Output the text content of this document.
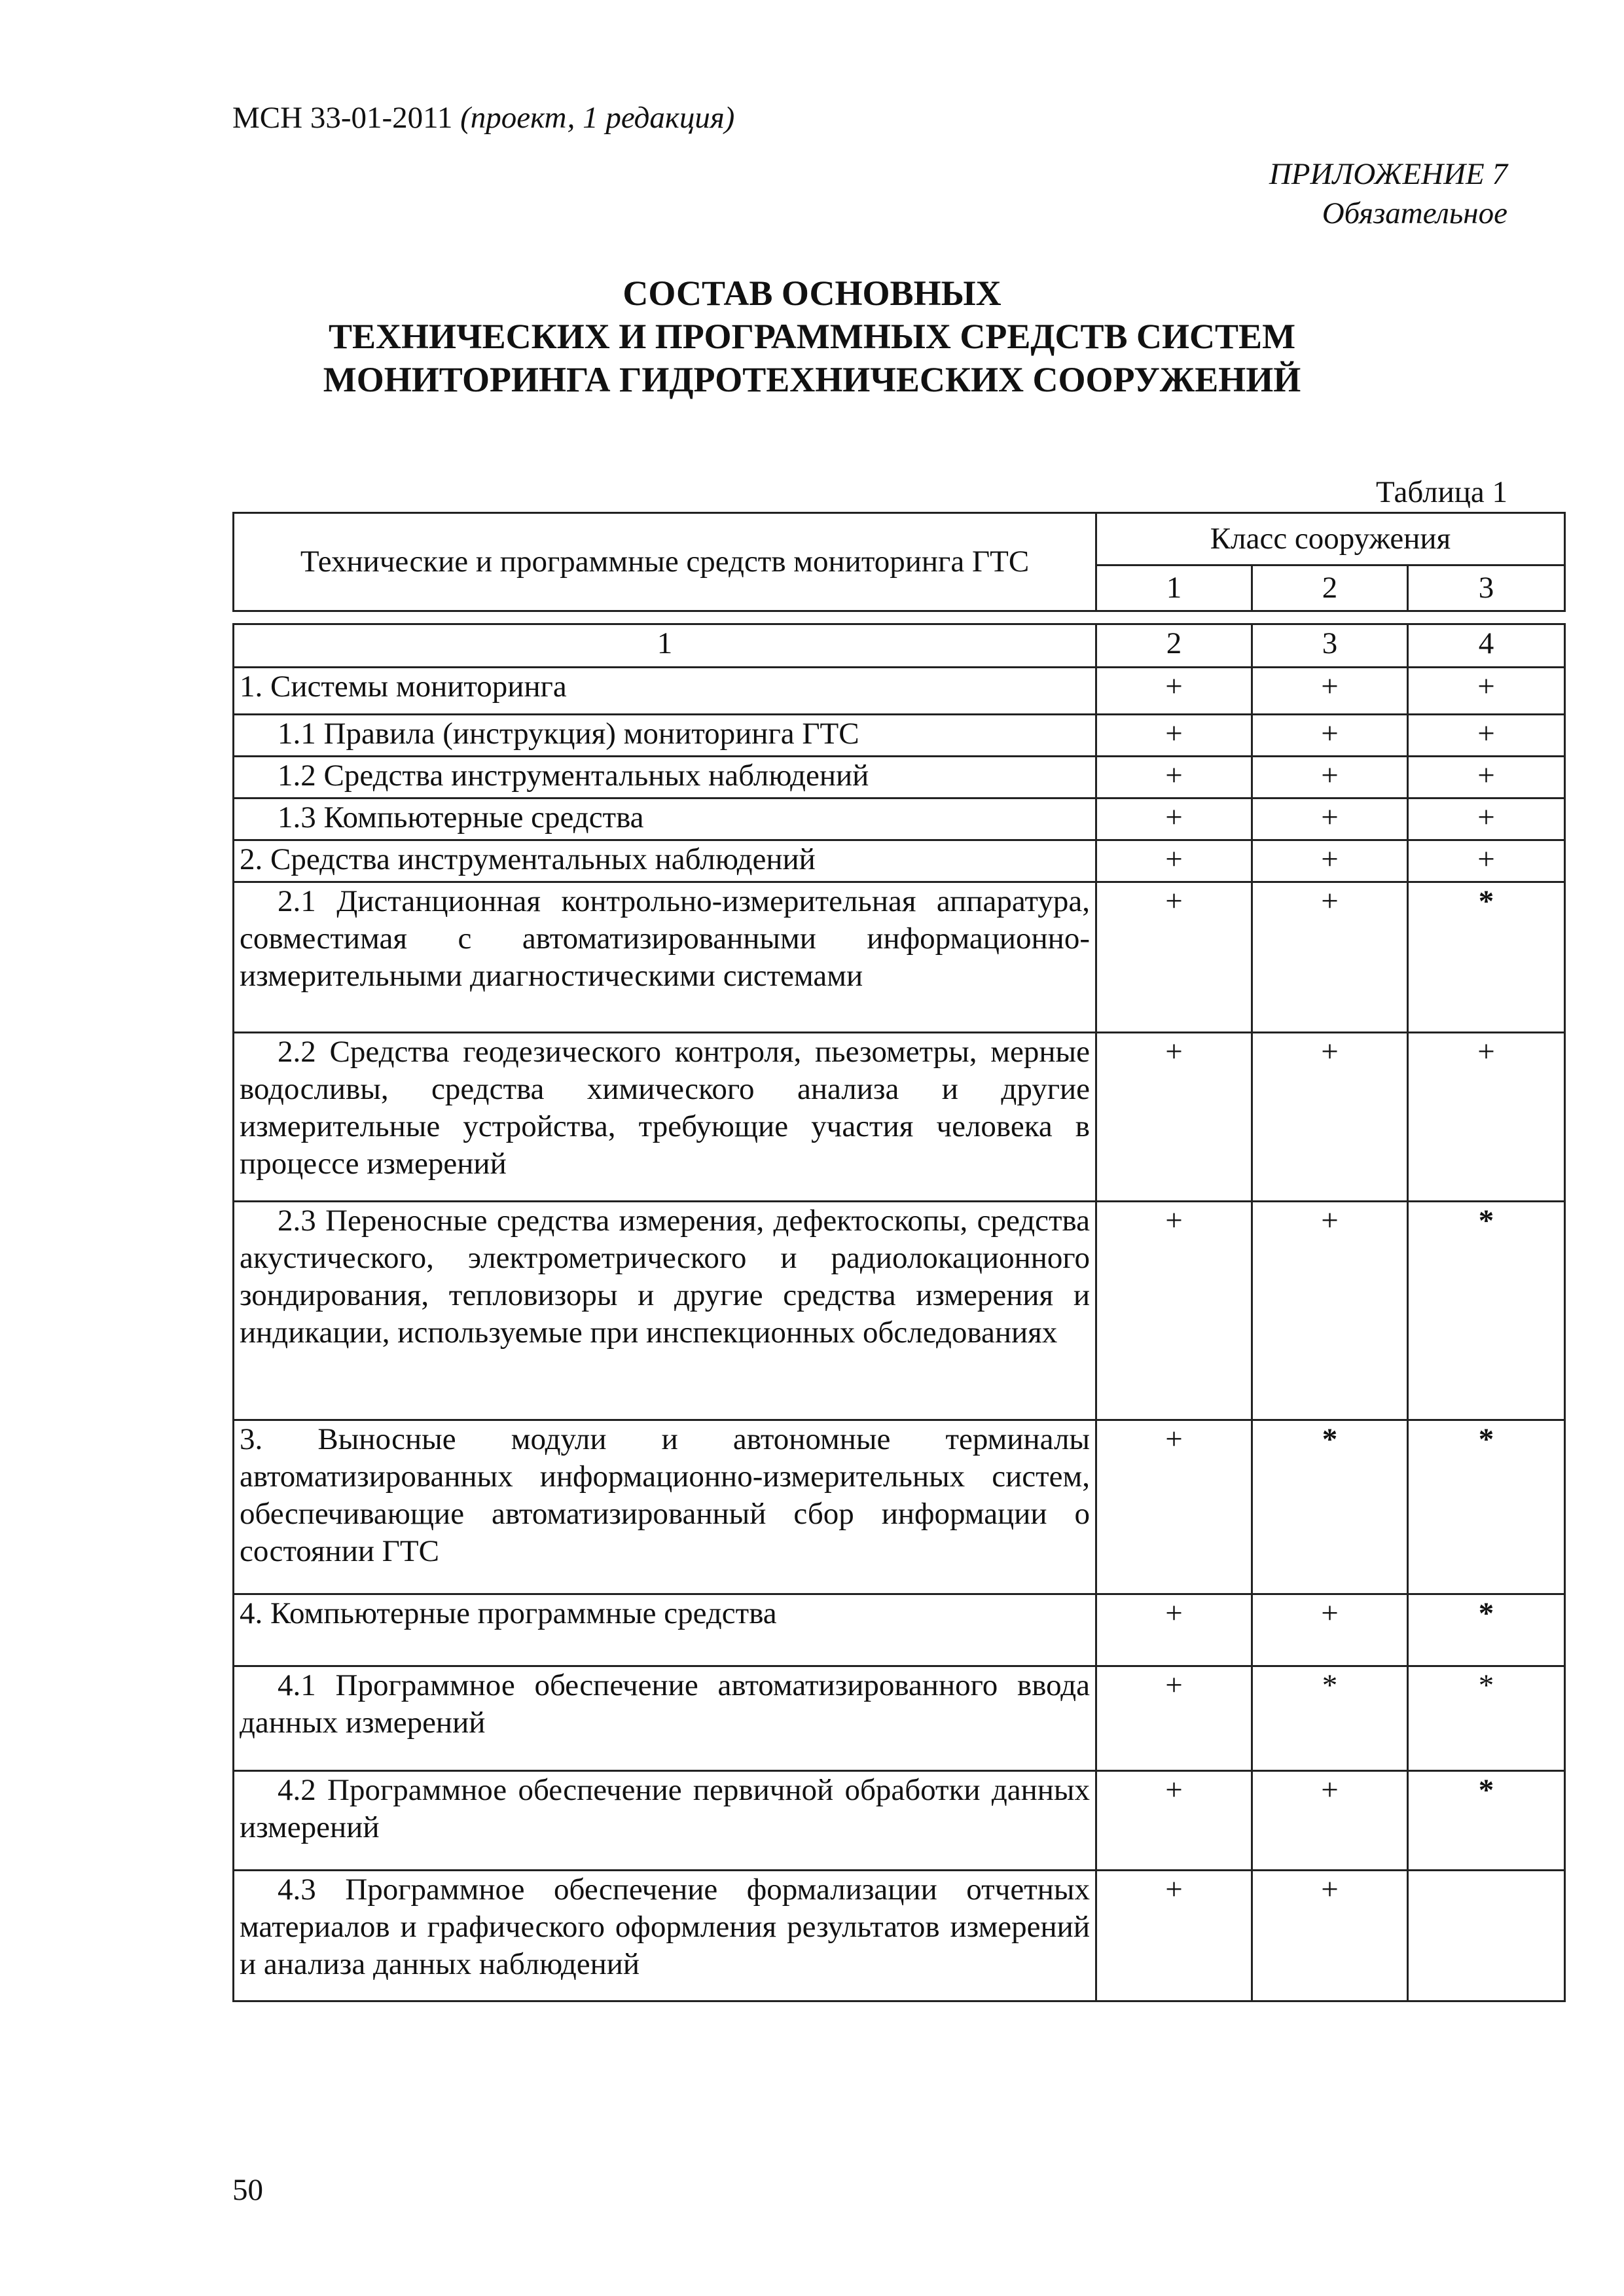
МСН 33-01-2011 (проект, 1 редакция)
ПРИЛОЖЕНИЕ 7
Обязательное
СОСТАВ ОСНОВНЫХ
ТЕХНИЧЕСКИХ И ПРОГРАММНЫХ СРЕДСТВ СИСТЕМ
МОНИТОРИНГА ГИДРОТЕХНИЧЕСКИХ СООРУЖЕНИЙ
Таблица 1
Технические и программные средств мониторинга ГТС	Класс сооружения		
	1	2	3
1	2	3	4
1. Системы мониторинга	+	+	+
1.1 Правила (инструкция) мониторинга ГТС	+	+	+
1.2 Средства инструментальных наблюдений	+	+	+
1.3 Компьютерные средства	+	+	+
2. Средства инструментальных наблюдений	+	+	+
2.1 Дистанционная контрольно-измерительная аппаратура, совместимая с автоматизированными информационно-измерительными диагностическими системами	+	+	*
2.2 Средства геодезического контроля, пьезометры, мерные водосливы, средства химического анализа и другие измерительные устройства, требующие участия человека в процессе измерений	+	+	+
2.3 Переносные средства измерения, дефектоскопы, средства акустического, электрометрического и радиолокационного зондирования, тепловизоры и другие средства измерения и индикации, используемые при инспекционных обследованиях	+	+	*
3. Выносные модули и автономные терминалы автоматизированных информационно-измерительных систем, обеспечивающие автоматизированный сбор информации о состоянии ГТС	+	*	*
4. Компьютерные программные средства	+	+	*
4.1 Программное обеспечение автоматизированного ввода данных измерений	+	*	*
4.2 Программное обеспечение первичной обработки данных измерений	+	+	*
4.3 Программное обеспечение формализации отчетных материалов и графического оформления результатов измерений и анализа данных наблюдений	+	+	
50
